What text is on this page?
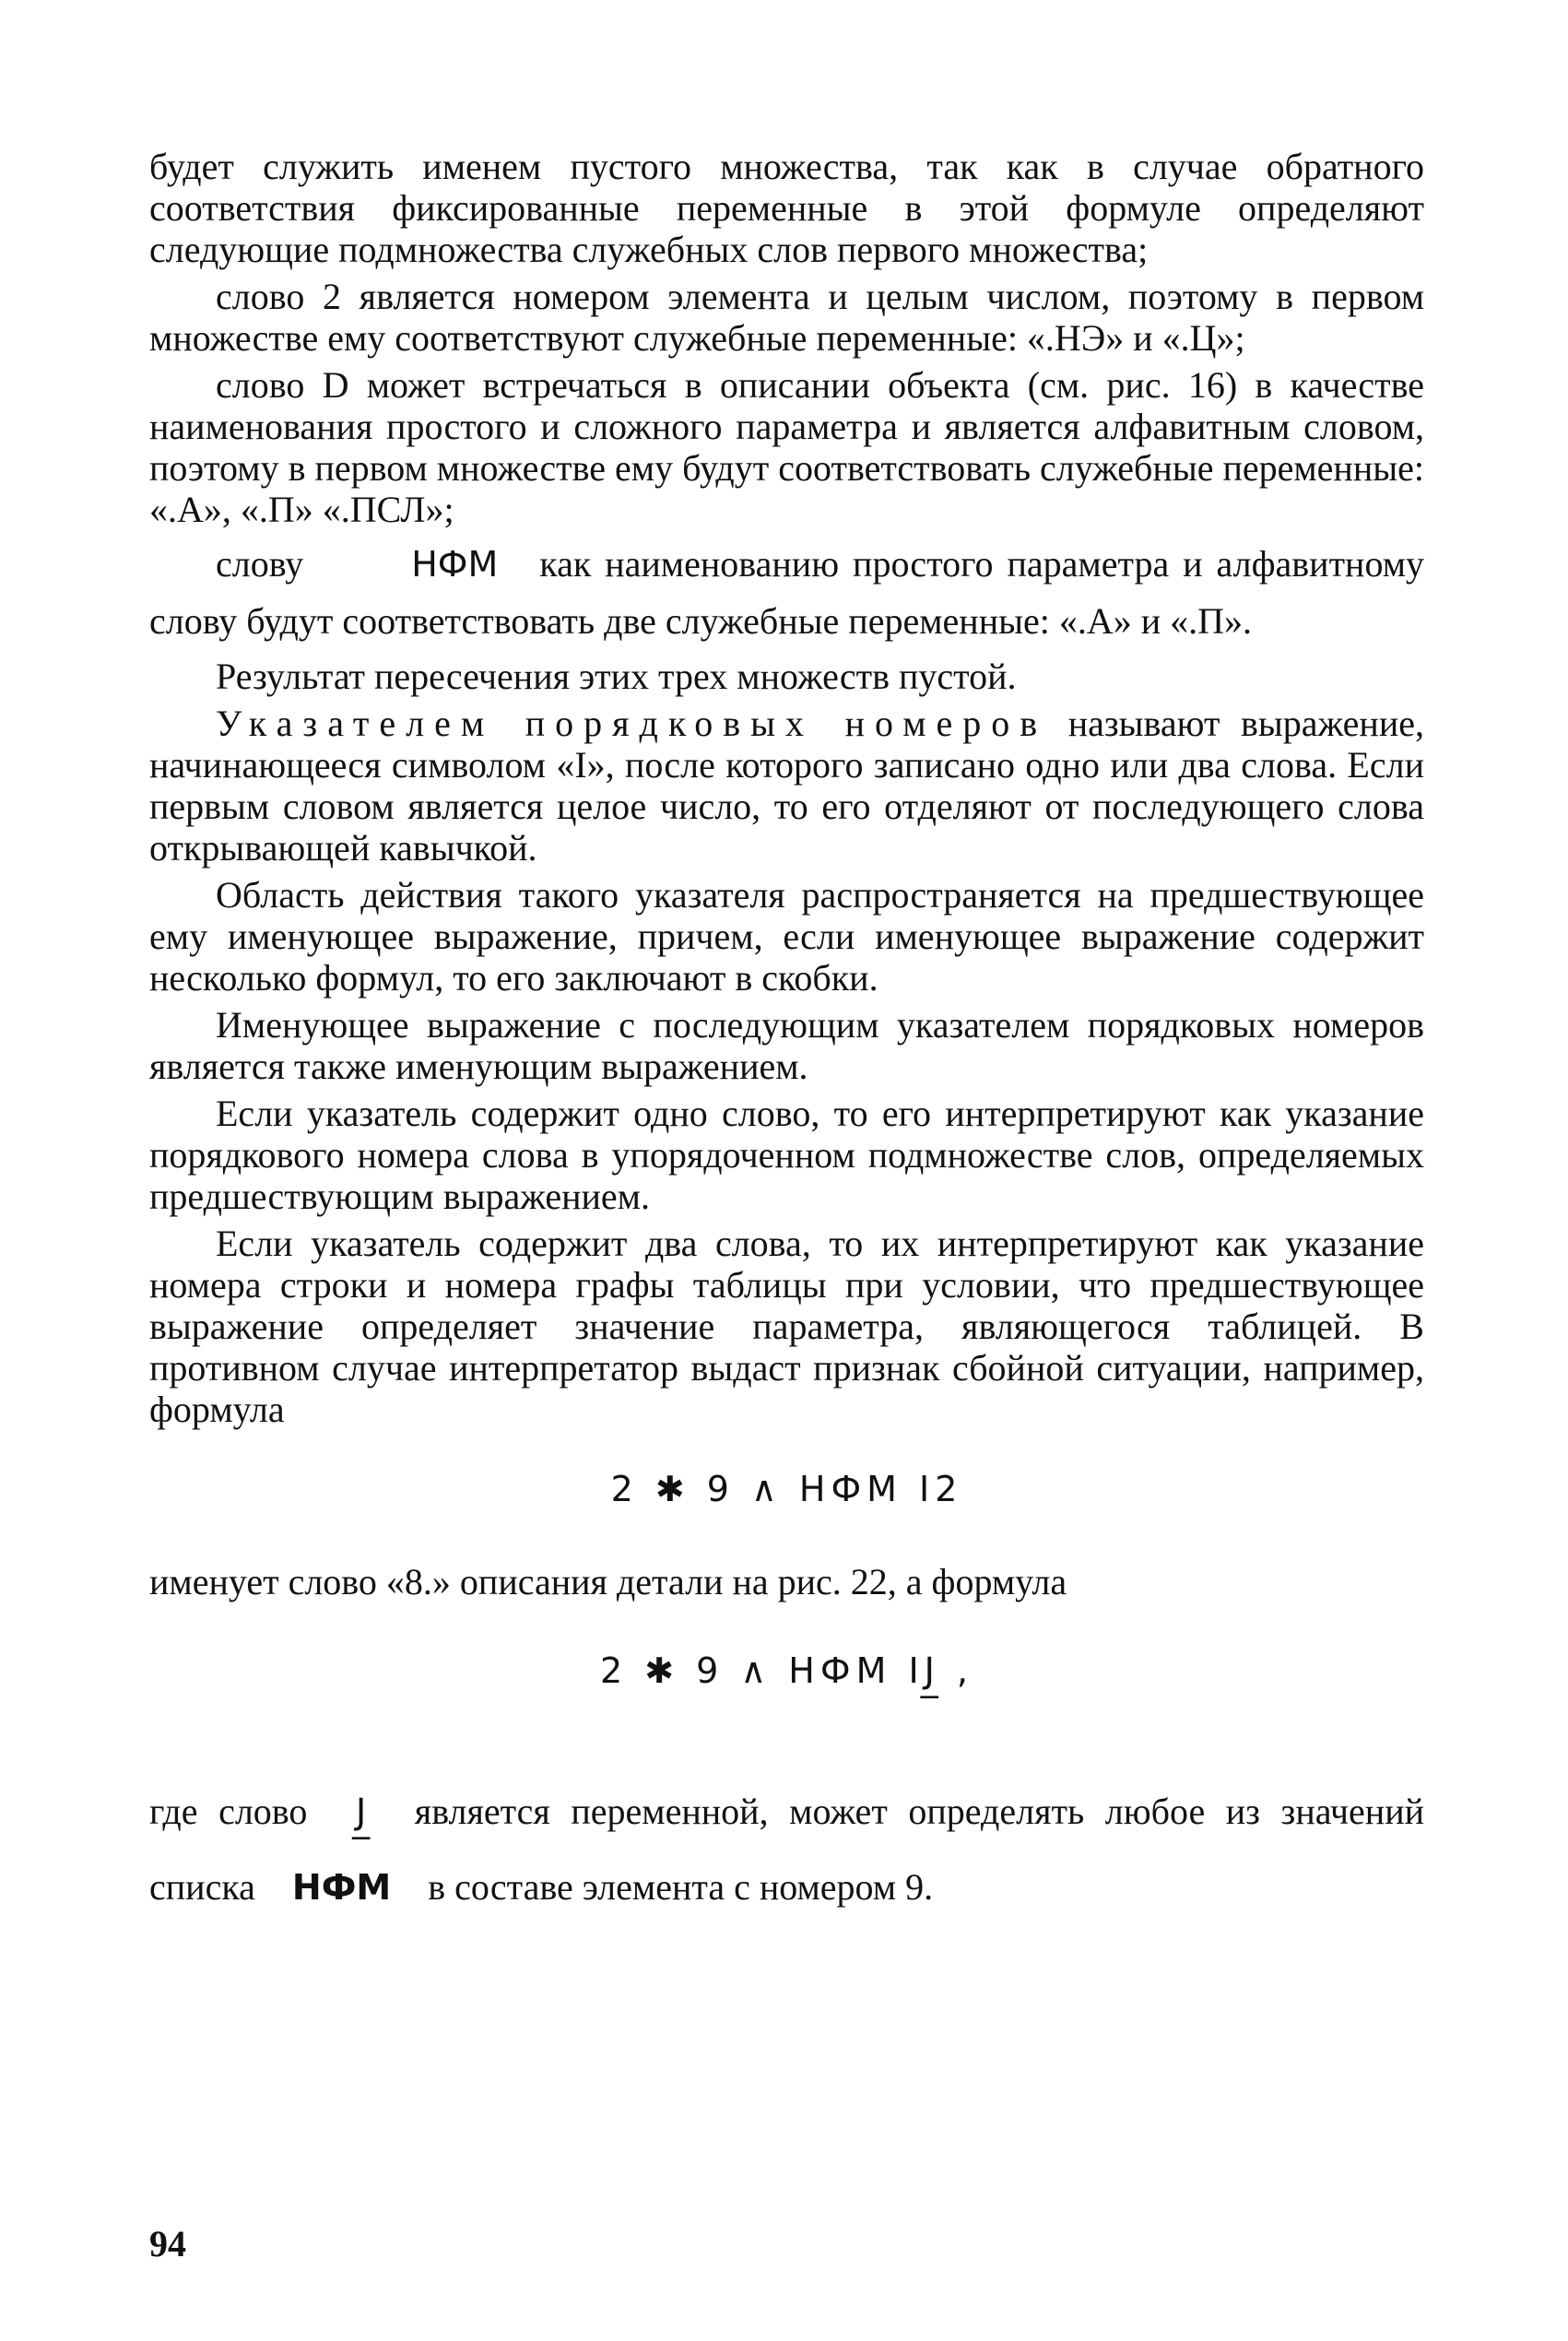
будет служить именем пустого множества, так как в случае обратного соответствия фиксированные переменные в этой формуле определяют следующие подмножества служебных слов первого множества;

слово 2 является номером элемента и целым числом, поэтому в первом множестве ему соответствуют служебные переменные: «.НЭ» и «.Ц»;

слово D может встречаться в описании объекта (см. рис. 16) в качестве наименования простого и сложного параметра и является алфавитным словом, поэтому в первом множестве ему будут соответствовать служебные переменные: «.А», «.П» «.ПСЛ»;

слову	НФМ как наименованию простого параметра и алфавитному слову будут соответствовать две служебные переменные: «.А» и «.П».

Результат пересечения этих трех множеств пустой.

Указателем порядковых номеров называют выражение, начинающееся символом «I», после которого записано одно или два слова. Если первым словом является целое число, то его отделяют от последующего слова открывающей кавычкой.

Область действия такого указателя распространяется на предшествующее ему именующее выражение, причем, если именующее выражение содержит несколько формул, то его заключают в скобки.

Именующее выражение с последующим указателем порядковых номеров является также именующим выражением.

Если указатель содержит одно слово, то его интерпретируют как указание порядкового номера слова в упорядоченном подмножестве слов, определяемых предшествующим выражением.

Если указатель содержит два слова, то их интерпретируют как указание номера строки и номера графы таблицы при условии, что предшествующее выражение определяет значение параметра, являющегося таблицей. В противном случае интерпретатор выдаст признак сбойной ситуации, например, формула

2 ✱ 9 ∧ НФМ I2

именует слово «8.» описания детали на рис. 22, а формула

2 ✱ 9 ∧ НФМ IJ̲ ,

где слово J̲ является переменной, может определять любое из значений списка НФМ в составе элемента с номером 9.

94
